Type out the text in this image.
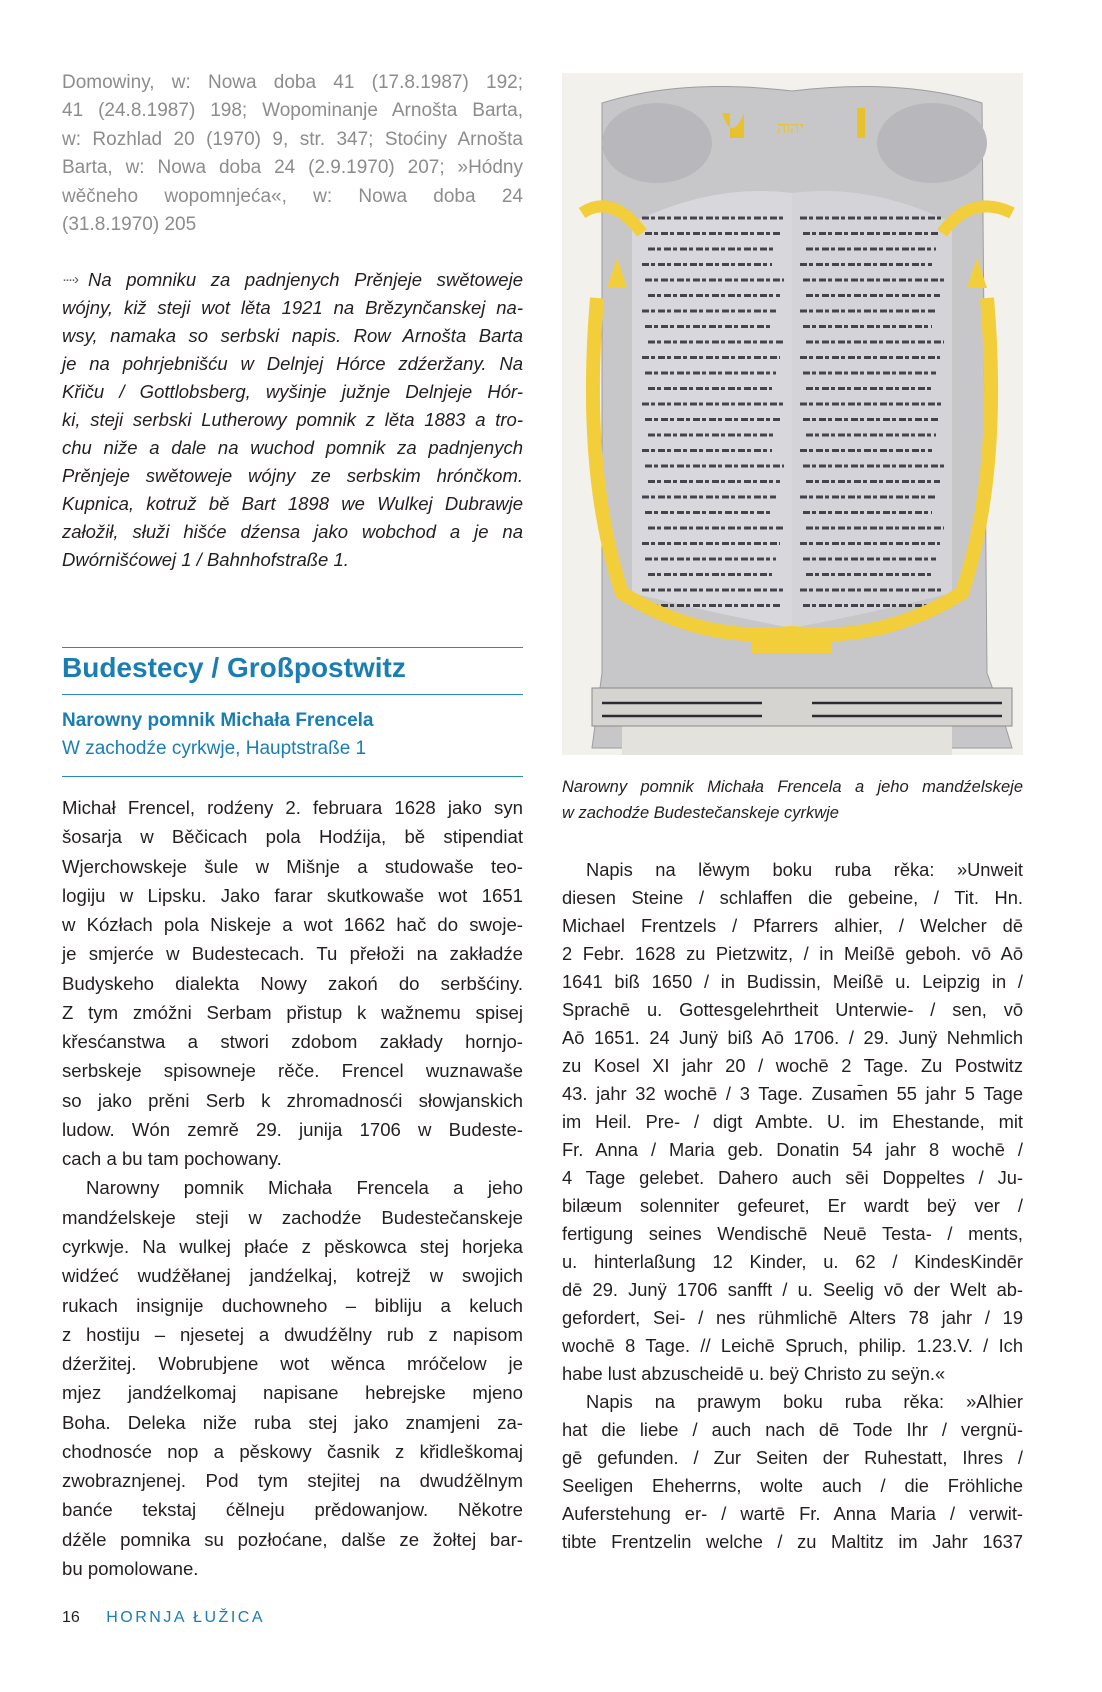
Domowiny, w: Nowa doba 41 (17.8.1987) 192;
41 (24.8.1987) 198; Wopominanje Arnošta Barta,
w: Rozhlad 20 (1970) 9, str. 347; Stoćiny Arnošta
Barta, w: Nowa doba 24 (2.9.1970) 207; »Hódny
wěčneho wopomnjeća«, w: Nowa doba 24
(31.8.1970) 205
····› Na pomniku za padnjenych Prěnjeje swětoweje
wójny, kiž steji wot lěta 1921 na Brězynčanskej na-
wsy, namaka so serbski napis. Row Arnošta Barta
je na pohrjebnišću w Delnjej Hórce zdźeržany. Na
Křiču / Gottlobsberg, wyšinje južnje Delnjeje Hór-
ki, steji serbski Lutherowy pomnik z lěta 1883 a tro-
chu niže a dale na wuchod pomnik za padnjenych
Prěnjeje swětoweje wójny ze serbskim hrónčkom.
Kupnica, kotruž bě Bart 1898 we Wulkej Dubrawje
załožił, słuži hišće dźensa jako wobchod a je na
Dwórnišćowej 1 / Bahnhofstraße 1.
Budestecy / Großpostwitz
Narowny pomnik Michała Frencela
W zachodźe cyrkwje, Hauptstraße 1
Michał Frencel, rodźeny 2. februara 1628 jako syn
šosarja w Běčicach pola Hodźija, bě stipendiat
Wjerchowskeje šule w Mišnje a studowaše teo-
logiju w Lipsku. Jako farar skutkowaše wot 1651
w Kózłach pola Niskeje a wot 1662 hač do swoje-
je smjerće w Budestecach. Tu přełoži na zakładźe
Budyskeho dialekta Nowy zakoń do serbšćiny.
Z tym zmóžni Serbam přistup k wažnemu spisej
křesćanstwa a stwori zdobom zakłady hornjo-
serbskeje spisowneje rěče. Frencel wuznawaše
so jako prěni Serb k zhromadnosći słowjanskich
ludow. Wón zemrě 29. junija 1706 w Budeste-
cach a bu tam pochowany.
Narowny pomnik Michała Frencela a jeho
mandźelskeje steji w zachodźe Budestečanskeje
cyrkwje. Na wulkej płaće z pěskowca stej horjeka
widźeć wudźěłanej jandźelkaj, kotrejž w swojich
rukach insignije duchowneho – bibliju a keluch
z hostiju – njesetej a dwudźělny rub z napisom
dźeržitej. Wobrubjene wot wěnca mróčelow je
mjez jandźelkomaj napisane hebrejske mjeno
Boha. Deleka niže ruba stej jako znamjeni za-
chodnosće nop a pěskowy časnik z křidleškomaj
zwobraznjenej. Pod tym stejitej na dwudźělnym
banće tekstaj ćělneju prědowanjow. Někotre
dźěle pomnika su pozłoćane, dalše ze žołtej bar-
bu pomolowane.
יהוה
Narowny pomnik Michała Frencela a jeho mandźelskeje
w zachodźe Budestečanskeje cyrkwje
Napis na lěwym boku ruba rěka: »Unweit
diesen Steine / schlaffen die gebeine, / Tit. Hn.
Michael Frentzels / Pfarrers alhier, / Welcher dē
2 Febr. 1628 zu Pietzwitz, / in Meißē geboh. vō Aō
1641 biß 1650 / in Budissin, Meißē u. Leipzig in /
Sprachē u. Gottesgelehrtheit Unterwie- / sen, vō
Aō 1651. 24 Junÿ biß Aō 1706. / 29. Junÿ Nehmlich
zu Kosel XI jahr 20 / wochē 2 Tage. Zu Postwitz
43. jahr 32 wochē / 3 Tage. Zusam̄en 55 jahr 5 Tage
im Heil. Pre- / digt Ambte. U. im Ehestande, mit
Fr. Anna / Maria geb. Donatin 54 jahr 8 wochē /
4 Tage gelebet. Dahero auch sēi Doppeltes / Ju-
bilæum solenniter gefeuret, Er wardt beÿ ver /
fertigung seines Wendischē Neuē Testa- / ments,
u. hinterlaßung 12 Kinder, u. 62 / KindesKindēr
dē 29. Junÿ 1706 sanfft / u. Seelig vō der Welt ab-
gefordert, Sei- / nes rühmlichē Alters 78 jahr / 19
wochē 8 Tage. // Leichē Spruch, philip. 1.23.V. / Ich
habe lust abzuscheidē u. beÿ Christo zu seÿn.«
Napis na prawym boku ruba rěka: »Alhier
hat die liebe / auch nach dē Tode Ihr / vergnü-
gē gefunden. / Zur Seiten der Ruhestatt, Ihres /
Seeligen Eheherrns, wolte auch / die Fröhliche
Auferstehung er- / wartē Fr. Anna Maria / verwit-
tibte Frentzelin welche / zu Maltitz im Jahr 1637
16 HORNJA ŁUŽICA
